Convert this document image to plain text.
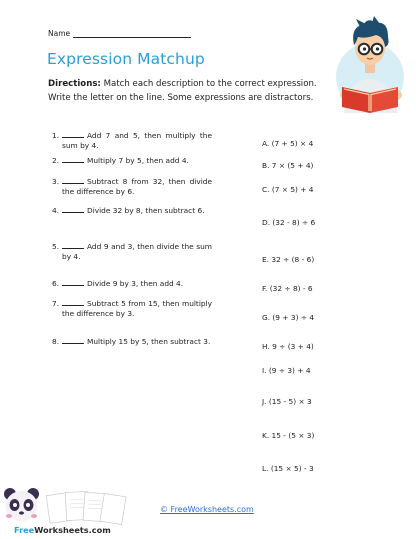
Name
Expression Matchup
Directions: Match each description to the correct expression. Write the letter on the line. Some expressions are distractors.
1.	Add 7 and 5, then multiply the sum by 4.
2.	Multiply 7 by 5, then add 4.
3.	Subtract 8 from 32, then divide the difference by 6.
4.	Divide 32 by 8, then subtract 6.
5.	Add 9 and 3, then divide the sum by 4.
6.	Divide 9 by 3, then add 4.
7.	Subtract 5 from 15, then multiply the difference by 3.
8.	Multiply 15 by 5, then subtract 3.
A. (7 + 5) × 4
B. 7 × (5 + 4)
C. (7 × 5) + 4
D. (32 - 8) ÷ 6
E. 32 ÷ (8 - 6)
F. (32 ÷ 8) - 6
G. (9 + 3) ÷ 4
H. 9 ÷ (3 + 4)
I. (9 ÷ 3) + 4
J. (15 - 5) × 3
K. 15 - (5 × 3)
L. (15 × 5) - 3
FreeWorksheets.com
© FreeWorksheets.com
